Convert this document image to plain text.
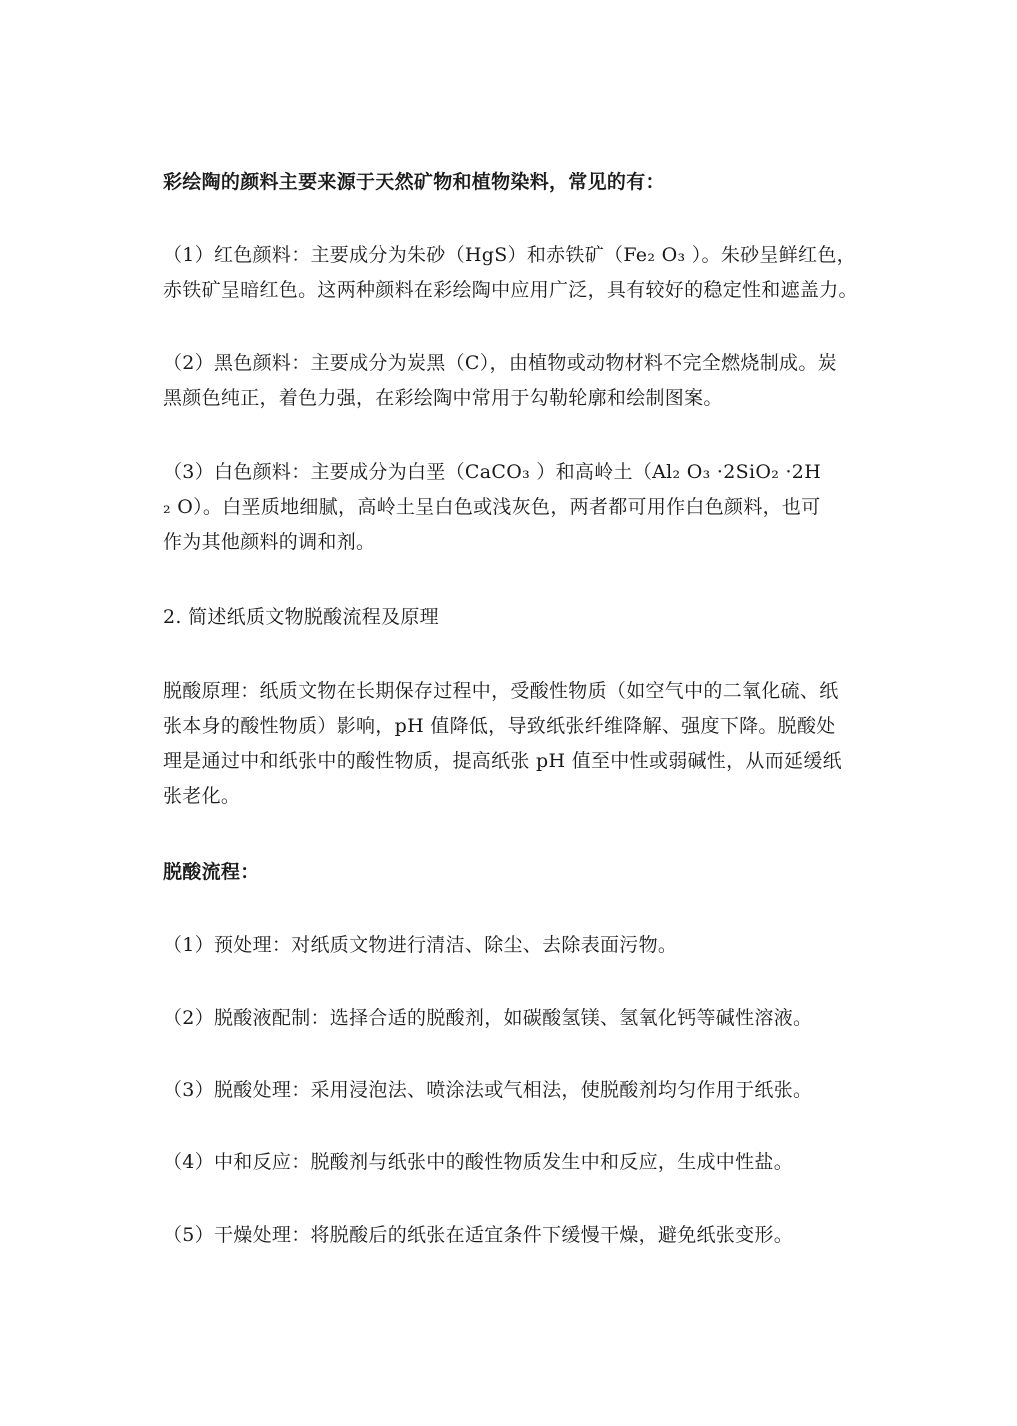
彩绘陶的颜料主要来源于天然矿物和植物染料，常见的有：

（1）红色颜料：主要成分为朱砂（HgS）和赤铁矿（Fe₂ O₃ ）。朱砂呈鲜红色，
赤铁矿呈暗红色。这两种颜料在彩绘陶中应用广泛，具有较好的稳定性和遮盖力。

（2）黑色颜料：主要成分为炭黑（C），由植物或动物材料不完全燃烧制成。炭
黑颜色纯正，着色力强，在彩绘陶中常用于勾勒轮廓和绘制图案。

（3）白色颜料：主要成分为白垩（CaCO₃ ）和高岭土（Al₂ O₃ ·2SiO₂ ·2H
₂ O）。白垩质地细腻，高岭土呈白色或浅灰色，两者都可用作白色颜料，也可
作为其他颜料的调和剂。

2. 简述纸质文物脱酸流程及原理

脱酸原理：纸质文物在长期保存过程中，受酸性物质（如空气中的二氧化硫、纸
张本身的酸性物质）影响，pH 值降低，导致纸张纤维降解、强度下降。脱酸处
理是通过中和纸张中的酸性物质，提高纸张 pH 值至中性或弱碱性，从而延缓纸
张老化。

脱酸流程：

（1）预处理：对纸质文物进行清洁、除尘、去除表面污物。

（2）脱酸液配制：选择合适的脱酸剂，如碳酸氢镁、氢氧化钙等碱性溶液。

（3）脱酸处理：采用浸泡法、喷涂法或气相法，使脱酸剂均匀作用于纸张。

（4）中和反应：脱酸剂与纸张中的酸性物质发生中和反应，生成中性盐。

（5）干燥处理：将脱酸后的纸张在适宜条件下缓慢干燥，避免纸张变形。
